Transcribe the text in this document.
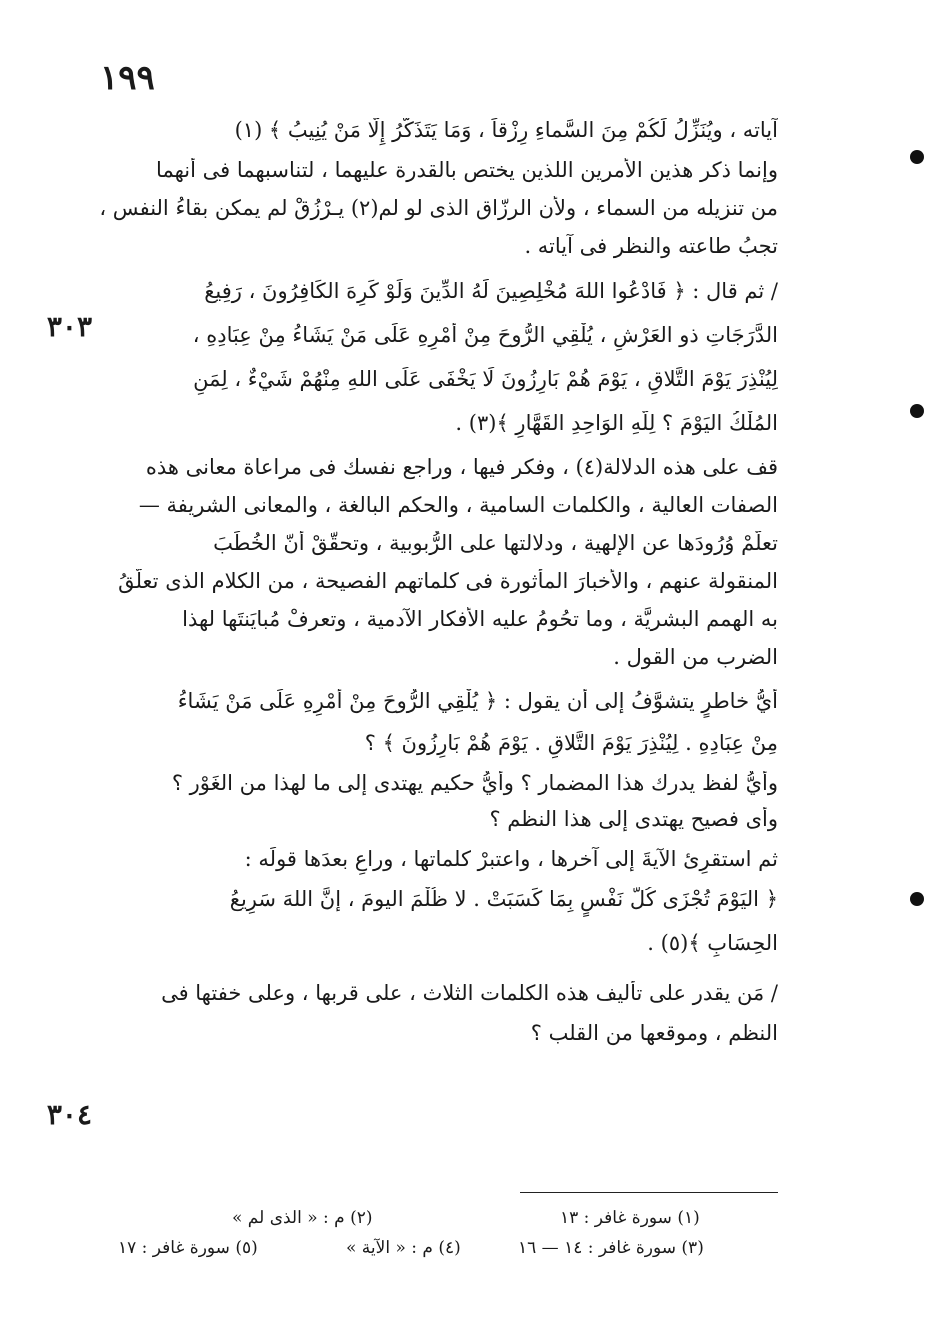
١٩٩
٣٠٣
٣٠٤
آياته ، ويُنَزِّلُ لَكُمْ مِنَ السَّماءِ رِزْقاً ، وَمَا يَتَذَكَّرُ إِلَّا مَنْ يُنِيبُ ﴾ (١)
وإنما ذكر هذين الأمرين اللذين يختص بالقدرة عليهما ، لتناسبهما فى أنهما
من تنزيله من السماء ، ولأن الرزّاق الذى لو لم(٢) يـرْزُقْ لم يمكن بقاءُ النفس ،
تجبُ طاعته والنظر فى آياته .
/ ثم قال : ﴿ فَادْعُوا اللهَ مُخْلِصِينَ لَهُ الدِّينَ وَلَوْ كَرِهَ الكَافِرُونَ ، رَفِيعُ
الدَّرَجَاتِ ذو العَرْشِ ، يُلْقِي الرُّوحَ مِنْ أَمْرِهِ عَلَى مَنْ يَشَاءُ مِنْ عِبَادِهِ ،
لِيُنْذِرَ يَوْمَ التَّلاقِ ، يَوْمَ هُمْ بَارِزُونَ لَا يَخْفَى عَلَى اللهِ مِنْهُمْ شَيْءٌ ، لِمَنِ
المُلْكُ اليَوْمَ ؟ لِلّهِ الوَاحِدِ القَهَّارِ ﴾(٣) .
قف على هذه الدلالة(٤) ، وفكر فيها ، وراجع نفسك فى مراعاة معانى هذه
الصفات العالية ، والكلمات السامية ، والحكم البالغة ، والمعانى الشريفة —
تعلَّمْ وُرُودَها عن الإلهية ، ودلالتها على الرُّبوبية ، وتحقّقْ أنّ الخُطَبَ
المنقولة عنهم ، والأخبارَ المأثورة فى كلماتهم الفصيحة ، من الكلام الذى تعلَّقُ
به الهمم البشريَّة ، وما تحُومُ عليه الأفكار الآدمية ، وتعرفْ مُبايَنتَها لهذا
الضرب من القول .
أيُّ خاطرٍ يتشوَّفُ إلى أن يقول : ﴿ يُلْقِي الرُّوحَ مِنْ أَمْرِهِ عَلَى مَنْ يَشَاءُ
مِنْ عِبَادِهِ . لِيُنْذِرَ يَوْمَ التَّلاقِ . يَوْمَ هُمْ بَارِزُونَ ﴾ ؟
وأيُّ لفظ يدرك هذا المضمار ؟ وأيُّ حكيم يهتدى إلى ما لهذا من الغَوْر ؟
وأى فصيح يهتدى إلى هذا النظم ؟
ثم استقرِئ الآيةَ إلى آخرها ، واعتبرْ كلماتها ، وراعِ بعدَها قولَه :
﴿ اليَوْمَ تُجْزَى كُلُّ نَفْسٍ بِمَا كَسَبَتْ . لا ظُلْمَ اليومَ ، إنَّ اللهَ سَرِيعُ
الحِسَابِ ﴾(٥) .
/ مَن يقدر على تأليف هذه الكلمات الثلاث ، على قربها ، وعلى خفتها فى
النظم ، وموقعها من القلب ؟
(١) سورة غافر : ١٣
(٢) م : « الذى لم »
(٣) سورة غافر : ١٤ — ١٦
(٤) م : « الآية »
(٥) سورة غافر : ١٧
